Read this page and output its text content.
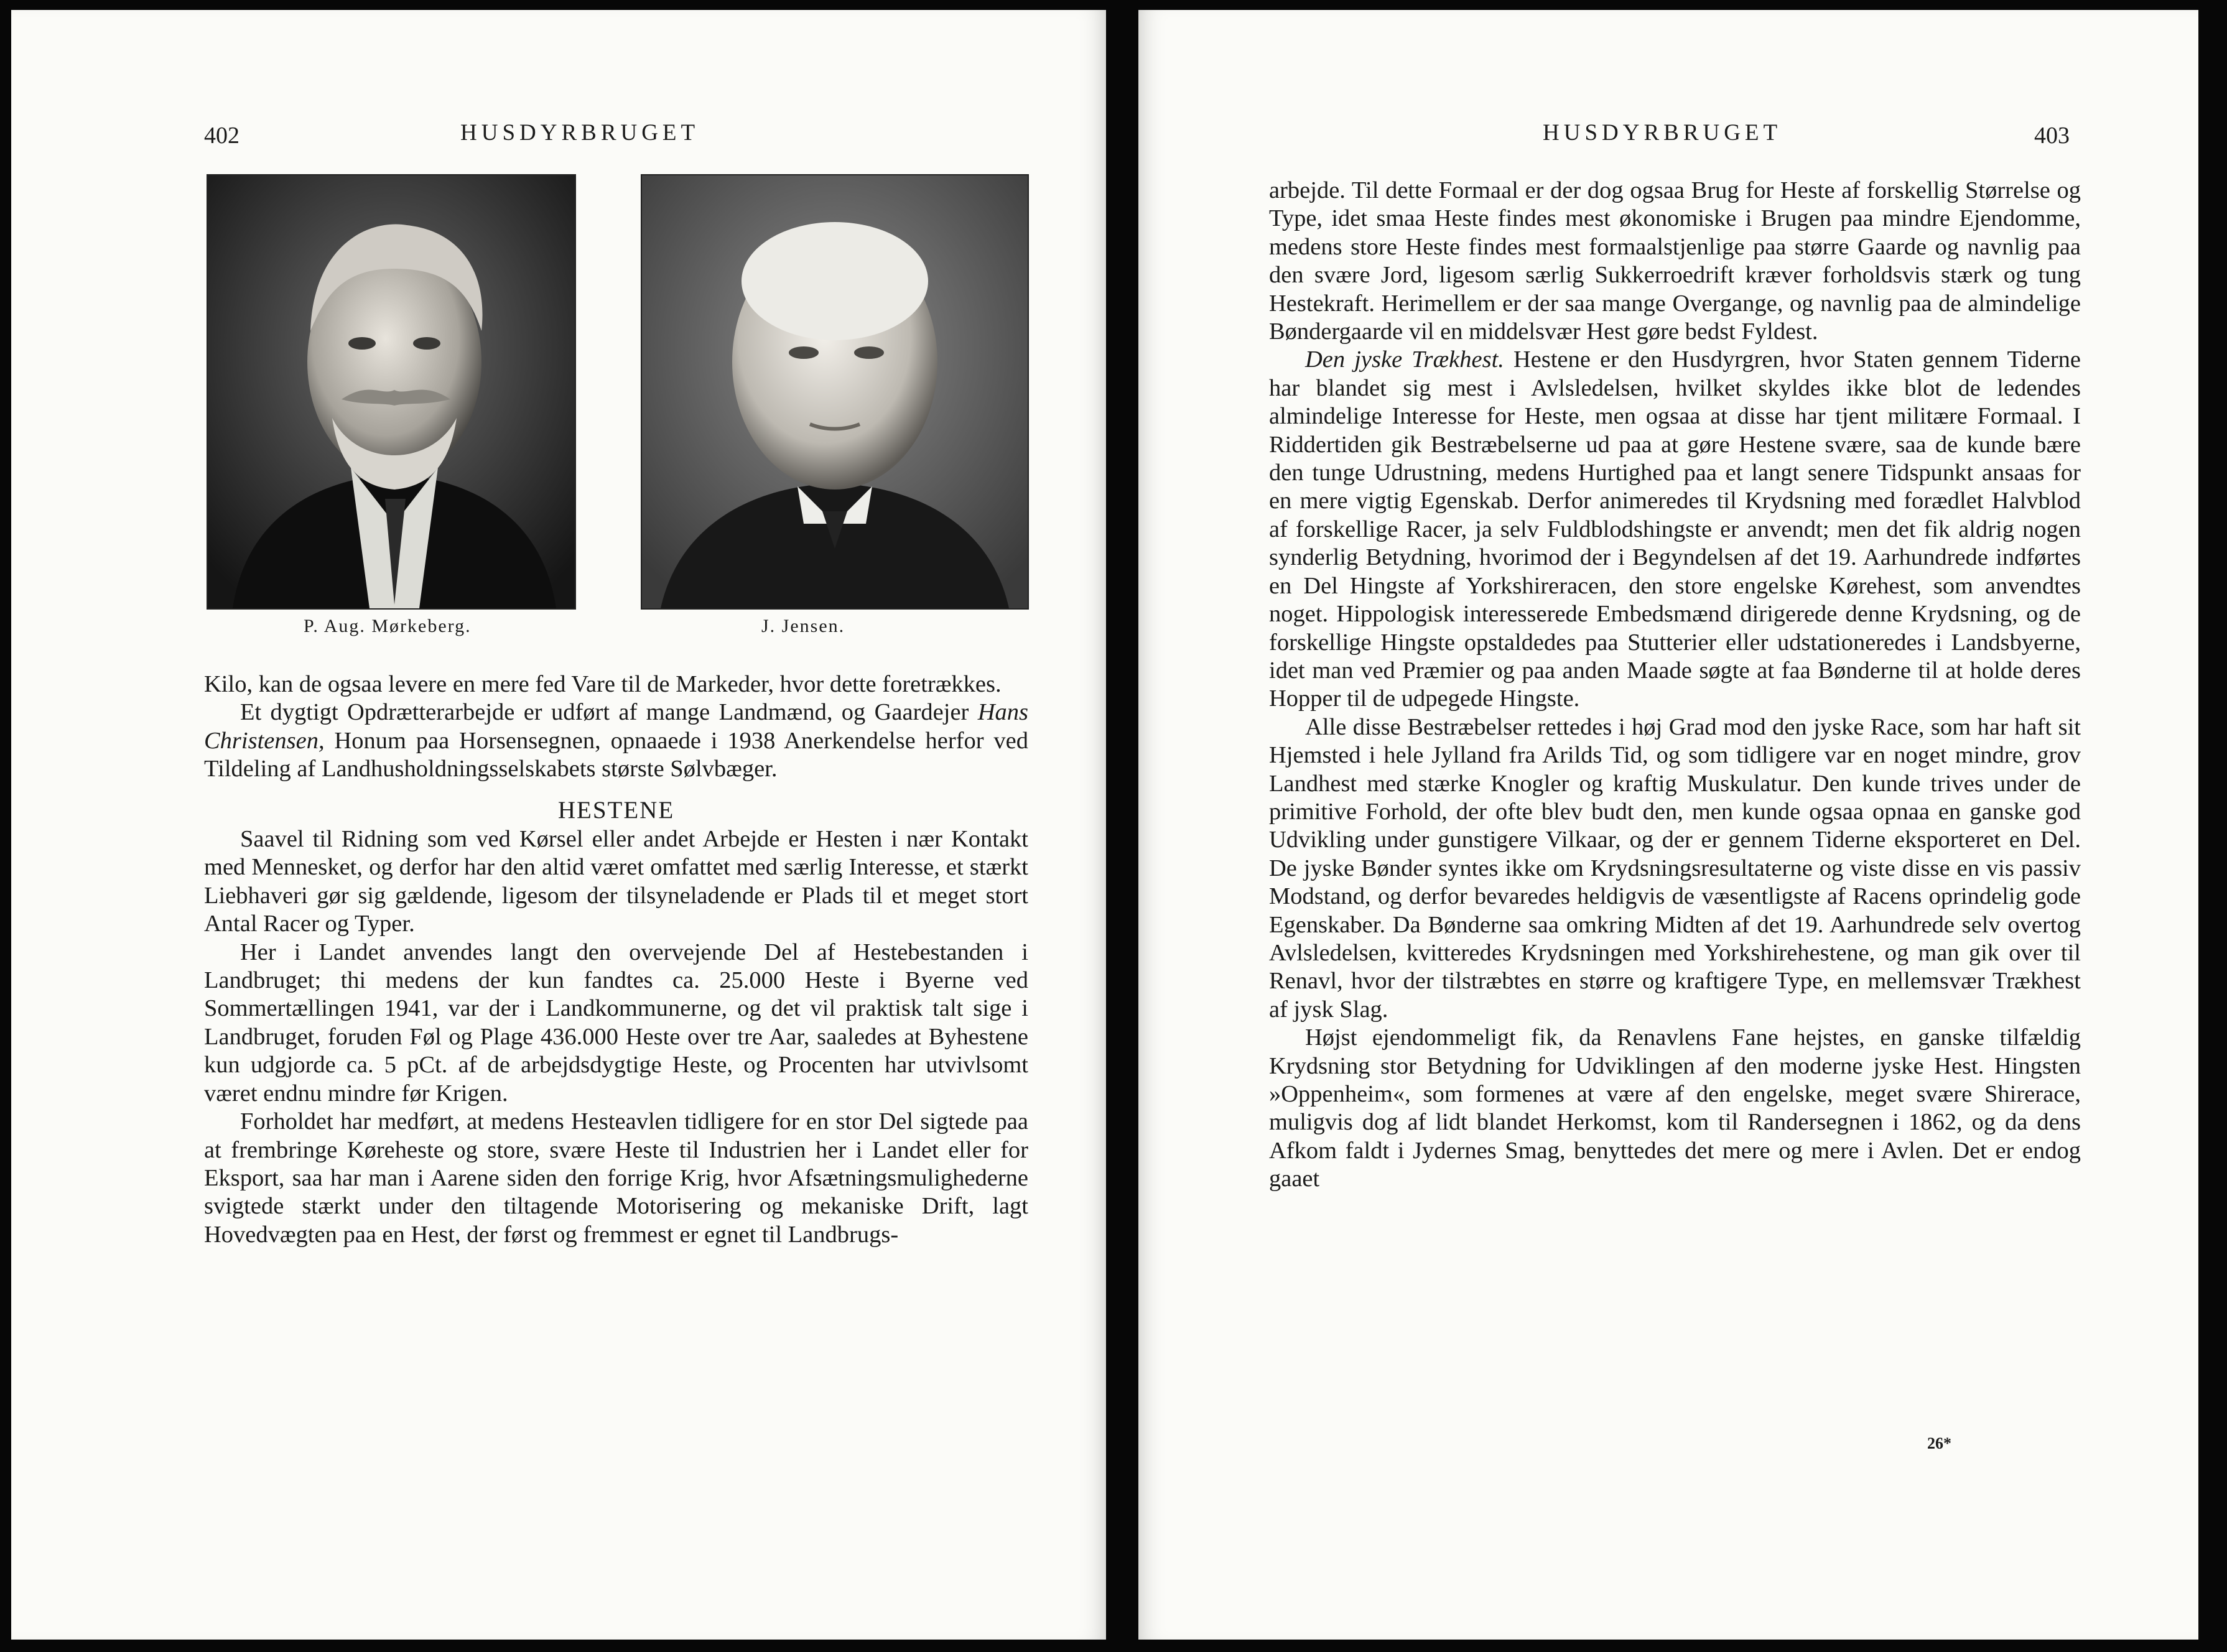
402	HUSDYRBRUGET
P. Aug. Mørkeberg.	J. Jensen.

Kilo, kan de ogsaa levere en mere fed Vare til de Markeder, hvor dette foretrækkes.

Et dygtigt Opdrætterarbejde er udført af mange Landmænd, og Gaardejer Hans Christensen, Honum paa Horsensegnen, opnaaede i 1938 Anerkendelse herfor ved Tildeling af Landhusholdningsselskabets største Sølvbæger.

HESTENE

Saavel til Ridning som ved Kørsel eller andet Arbejde er Hesten i nær Kontakt med Mennesket, og derfor har den altid været omfattet med særlig Interesse, et stærkt Liebhaveri gør sig gældende, ligesom der tilsyneladende er Plads til et meget stort Antal Racer og Typer.

Her i Landet anvendes langt den overvejende Del af Hestebestanden i Landbruget; thi medens der kun fandtes ca. 25.000 Heste i Byerne ved Sommertællingen 1941, var der i Landkommunerne, og det vil praktisk talt sige i Landbruget, foruden Føl og Plage 436.000 Heste over tre Aar, saaledes at Byhestene kun udgjorde ca. 5 pCt. af de arbejdsdygtige Heste, og Procenten har utvivlsomt været endnu mindre før Krigen.

Forholdet har medført, at medens Hesteavlen tidligere for en stor Del sigtede paa at frembringe Køreheste og store, svære Heste til Industrien her i Landet eller for Eksport, saa har man i Aarene siden den forrige Krig, hvor Afsætningsmulighederne svigtede stærkt under den tiltagende Motorisering og mekaniske Drift, lagt Hovedvægten paa en Hest, der først og fremmest er egnet til Landbrugs-

HUSDYRBRUGET	403

arbejde. Til dette Formaal er der dog ogsaa Brug for Heste af forskellig Størrelse og Type, idet smaa Heste findes mest økonomiske i Brugen paa mindre Ejendomme, medens store Heste findes mest formaalstjenlige paa større Gaarde og navnlig paa den svære Jord, ligesom særlig Sukkerroedrift kræver forholdsvis stærk og tung Hestekraft. Herimellem er der saa mange Overgange, og navnlig paa de almindelige Bøndergaarde vil en middelsvær Hest gøre bedst Fyldest.

Den jyske Trækhest. Hestene er den Husdyrgren, hvor Staten gennem Tiderne har blandet sig mest i Avlsledelsen, hvilket skyldes ikke blot de ledendes almindelige Interesse for Heste, men ogsaa at disse har tjent militære Formaal. I Riddertiden gik Bestræbelserne ud paa at gøre Hestene svære, saa de kunde bære den tunge Udrustning, medens Hurtighed paa et langt senere Tidspunkt ansaas for en mere vigtig Egenskab. Derfor animeredes til Krydsning med forædlet Halvblod af forskellige Racer, ja selv Fuldblodshingste er anvendt; men det fik aldrig nogen synderlig Betydning, hvorimod der i Begyndelsen af det 19. Aarhundrede indførtes en Del Hingste af Yorkshireracen, den store engelske Kørehest, som anvendtes noget. Hippologisk interesserede Embedsmænd dirigerede denne Krydsning, og de forskellige Hingste opstaldedes paa Stutterier eller udstationeredes i Landsbyerne, idet man ved Præmier og paa anden Maade søgte at faa Bønderne til at holde deres Hopper til de udpegede Hingste.

Alle disse Bestræbelser rettedes i høj Grad mod den jyske Race, som har haft sit Hjemsted i hele Jylland fra Arilds Tid, og som tidligere var en noget mindre, grov Landhest med stærke Knogler og kraftig Muskulatur. Den kunde trives under de primitive Forhold, der ofte blev budt den, men kunde ogsaa opnaa en ganske god Udvikling under gunstigere Vilkaar, og der er gennem Tiderne eksporteret en Del. De jyske Bønder syntes ikke om Krydsningsresultaterne og viste disse en vis passiv Modstand, og derfor bevaredes heldigvis de væsentligste af Racens oprindelig gode Egenskaber. Da Bønderne saa omkring Midten af det 19. Aarhundrede selv overtog Avlsledelsen, kvitteredes Krydsningen med Yorkshirehestene, og man gik over til Renavl, hvor der tilstræbtes en større og kraftigere Type, en mellemsvær Trækhest af jysk Slag.

Højst ejendommeligt fik, da Renavlens Fane hejstes, en ganske tilfældig Krydsning stor Betydning for Udviklingen af den moderne jyske Hest. Hingsten »Oppenheim«, som formenes at være af den engelske, meget svære Shirerace, muligvis dog af lidt blandet Herkomst, kom til Randersegnen i 1862, og da dens Afkom faldt i Jydernes Smag, benyttedes det mere og mere i Avlen. Det er endog gaaet

26*
